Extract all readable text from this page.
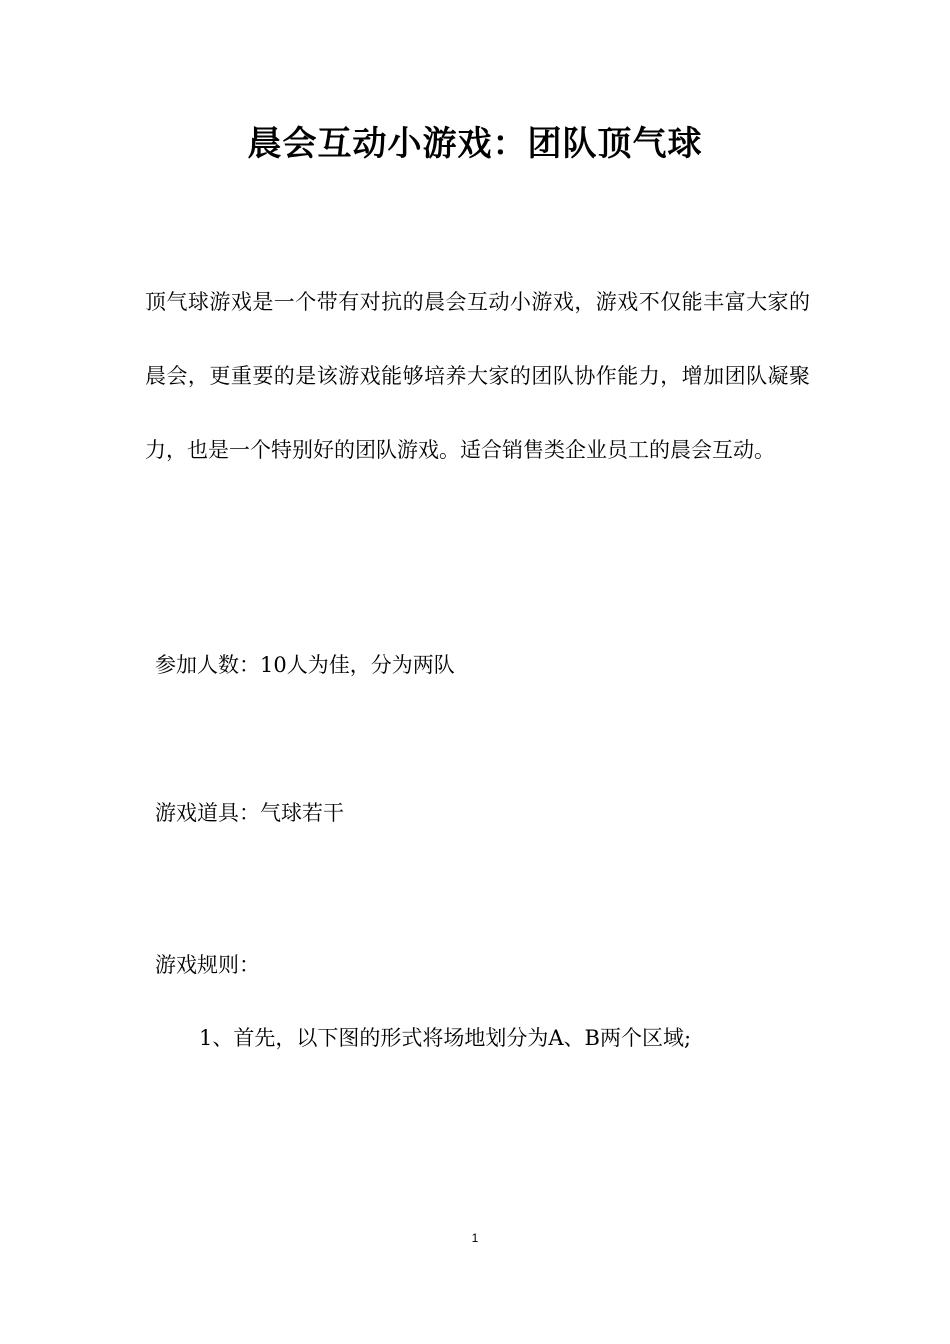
晨会互动小游戏：团队顶气球
顶气球游戏是一个带有对抗的晨会互动小游戏，游戏不仅能丰富大家的晨会，更重要的是该游戏能够培养大家的团队协作能力，增加团队凝聚力，也是一个特别好的团队游戏。适合销售类企业员工的晨会互动。
参加人数：10人为佳，分为两队
游戏道具：气球若干
游戏规则：
1、首先，以下图的形式将场地划分为A、B两个区域;
1
